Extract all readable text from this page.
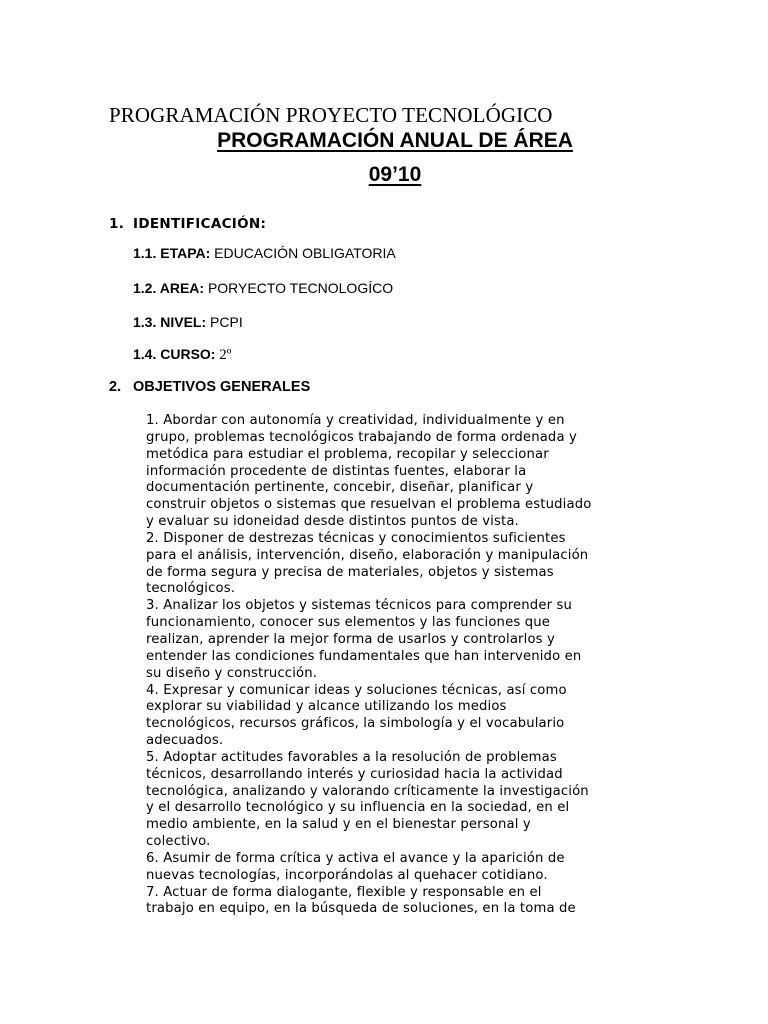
PROGRAMACIÓN PROYECTO TECNOLÓGICO
PROGRAMACIÓN ANUAL DE ÁREA
09’10
1. IDENTIFICACIÓN:
1.1. ETAPA: EDUCACIÓN OBLIGATORIA
1.2. AREA: PORYECTO TECNOLOGÍCO
1.3. NIVEL: PCPI
1.4. CURSO: 2º
2. OBJETIVOS GENERALES
1. Abordar con autonomía y creatividad, individualmente y en
grupo, problemas tecnológicos trabajando de forma ordenada y
metódica para estudiar el problema, recopilar y seleccionar
información procedente de distintas fuentes, elaborar la
documentación pertinente, concebir, diseñar, planificar y
construir objetos o sistemas que resuelvan el problema estudiado
y evaluar su idoneidad desde distintos puntos de vista.
2. Disponer de destrezas técnicas y conocimientos suficientes
para el análisis, intervención, diseño, elaboración y manipulación
de forma segura y precisa de materiales, objetos y sistemas
tecnológicos.
3. Analizar los objetos y sistemas técnicos para comprender su
funcionamiento, conocer sus elementos y las funciones que
realizan, aprender la mejor forma de usarlos y controlarlos y
entender las condiciones fundamentales que han intervenido en
su diseño y construcción.
4. Expresar y comunicar ideas y soluciones técnicas, así como
explorar su viabilidad y alcance utilizando los medios
tecnológicos, recursos gráficos, la simbología y el vocabulario
adecuados.
5. Adoptar actitudes favorables a la resolución de problemas
técnicos, desarrollando interés y curiosidad hacia la actividad
tecnológica, analizando y valorando críticamente la investigación
y el desarrollo tecnológico y su influencia en la sociedad, en el
medio ambiente, en la salud y en el bienestar personal y
colectivo.
6. Asumir de forma crítica y activa el avance y la aparición de
nuevas tecnologías, incorporándolas al quehacer cotidiano.
7. Actuar de forma dialogante, flexible y responsable en el
trabajo en equipo, en la búsqueda de soluciones, en la toma de
